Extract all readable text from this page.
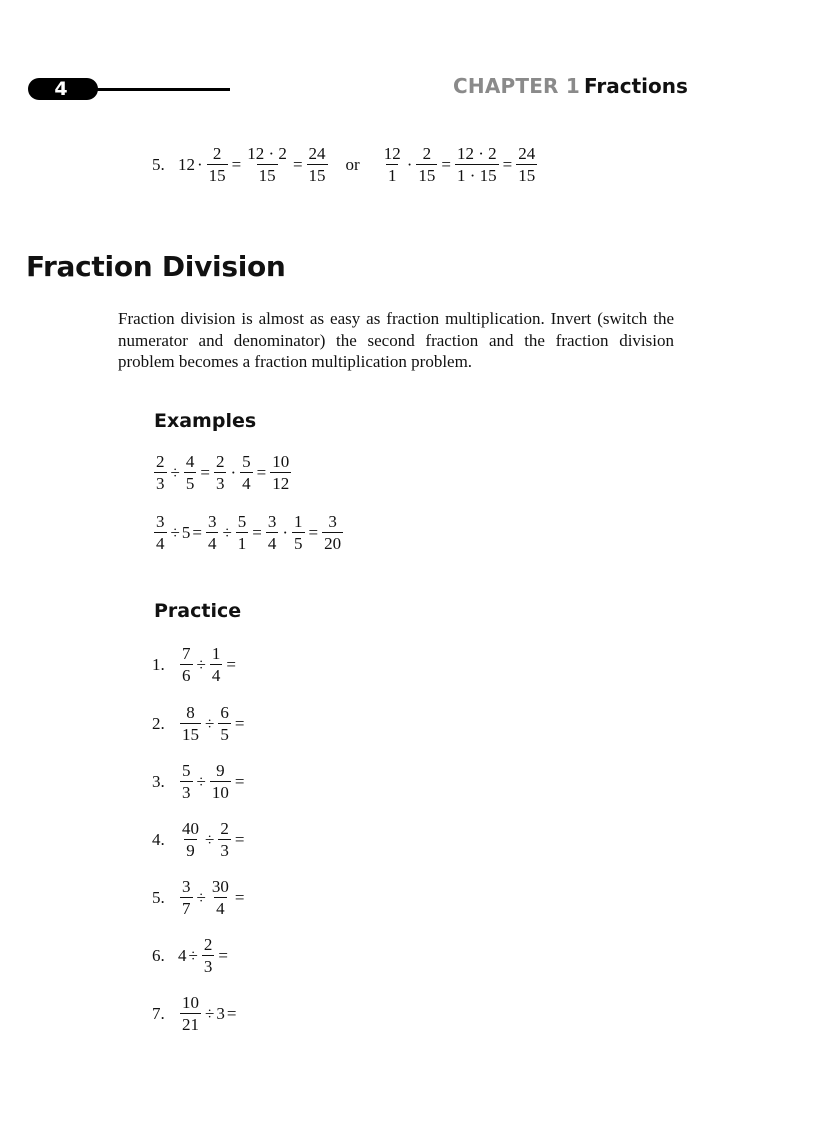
4	CHAPTER 1 Fractions
5. $12 \cdot \frac{2}{15} = \frac{12 \cdot 2}{15} = \frac{24}{15}$ or $\frac{12}{1} \cdot \frac{2}{15} = \frac{12 \cdot 2}{1 \cdot 15} = \frac{24}{15}$
Fraction Division
Fraction division is almost as easy as fraction multiplication. Invert (switch the numerator and denominator) the second fraction and the fraction division problem becomes a fraction multiplication problem.
Examples
$\frac{2}{3} \div \frac{4}{5} = \frac{2}{3} \cdot \frac{5}{4} = \frac{10}{12}$
$\frac{3}{4} \div 5 = \frac{3}{4} \div \frac{5}{1} = \frac{3}{4} \cdot \frac{1}{5} = \frac{3}{20}$
Practice
1. $\frac{7}{6} \div \frac{1}{4}$ =
2. $\frac{8}{15} \div \frac{6}{5}$ =
3. $\frac{5}{3} \div \frac{9}{10}$ =
4. $\frac{40}{9} \div \frac{2}{3}$ =
5. $\frac{3}{7} \div \frac{30}{4}$ =
6. $4 \div \frac{2}{3}$ =
7. $\frac{10}{21} \div 3$ =
